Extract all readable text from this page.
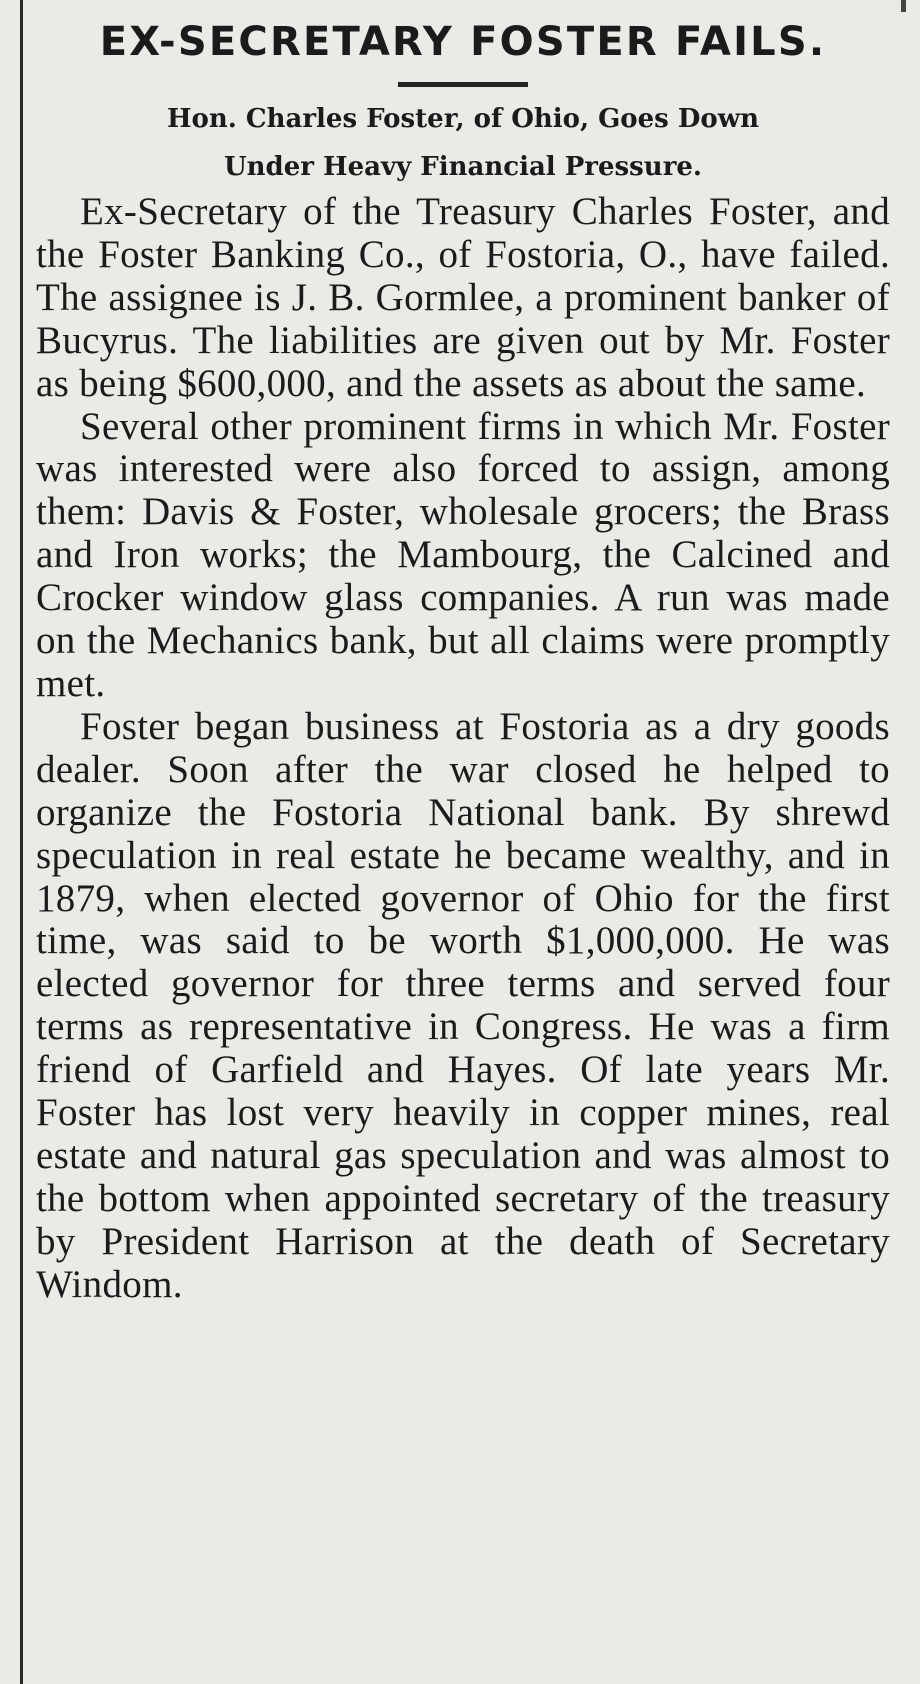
EX-SECRETARY FOSTER FAILS.
Hon. Charles Foster, of Ohio, Goes Down
Under Heavy Financial Pressure.
Ex-Secretary of the Treasury Charles Foster, and the Foster Banking Co., of Fostoria, O., have failed. The assignee is J. B. Gormlee, a prominent banker of Bucyrus. The liabilities are given out by Mr. Foster as being $600,000, and the assets as about the same.
Several other prominent firms in which Mr. Foster was interested were also forced to assign, among them: Davis & Foster, wholesale grocers; the Brass and Iron works; the Mambourg, the Calcined and Crocker window glass companies. A run was made on the Mechanics bank, but all claims were promptly met.
Foster began business at Fostoria as a dry goods dealer. Soon after the war closed he helped to organize the Fostoria National bank. By shrewd speculation in real estate he became wealthy, and in 1879, when elected governor of Ohio for the first time, was said to be worth $1,000,000. He was elected governor for three terms and served four terms as representative in Congress. He was a firm friend of Garfield and Hayes. Of late years Mr. Foster has lost very heavily in copper mines, real estate and natural gas speculation and was almost to the bottom when appointed secretary of the treasury by President Harrison at the death of Secretary Windom.
